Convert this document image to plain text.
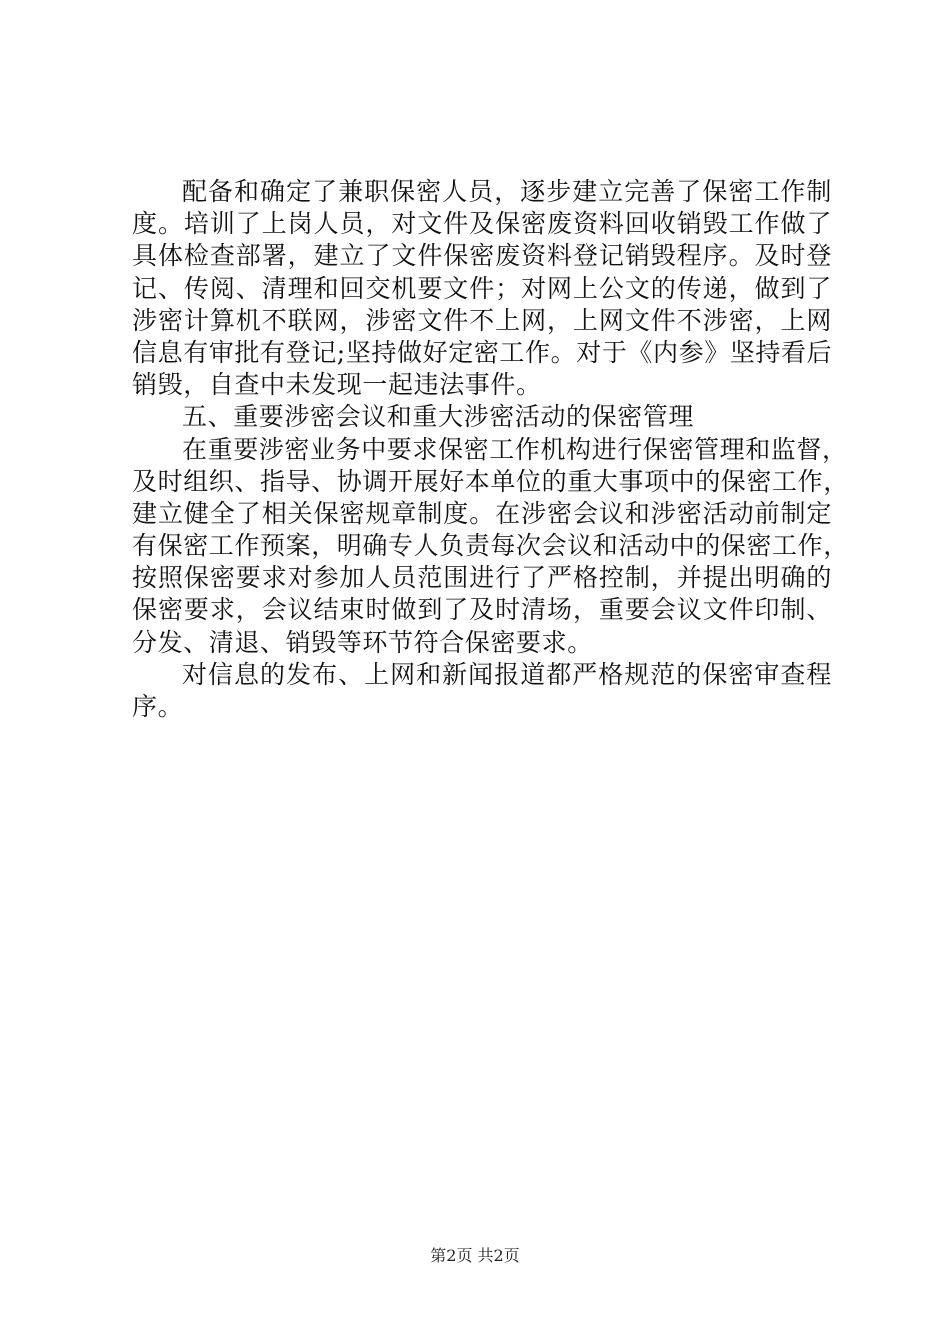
配备和确定了兼职保密人员，逐步建立完善了保密工作制
度。培训了上岗人员，对文件及保密废资料回收销毁工作做了
具体检查部署，建立了文件保密废资料登记销毁程序。及时登
记、传阅、清理和回交机要文件；对网上公文的传递，做到了
涉密计算机不联网，涉密文件不上网，上网文件不涉密，上网
信息有审批有登记;坚持做好定密工作。对于《内参》坚持看后
销毁，自查中未发现一起违法事件。
五、重要涉密会议和重大涉密活动的保密管理
在重要涉密业务中要求保密工作机构进行保密管理和监督，
及时组织、指导、协调开展好本单位的重大事项中的保密工作，
建立健全了相关保密规章制度。在涉密会议和涉密活动前制定
有保密工作预案，明确专人负责每次会议和活动中的保密工作，
按照保密要求对参加人员范围进行了严格控制，并提出明确的
保密要求，会议结束时做到了及时清场，重要会议文件印制、
分发、清退、销毁等环节符合保密要求。
对信息的发布、上网和新闻报道都严格规范的保密审查程
序。
第2页 共2页
